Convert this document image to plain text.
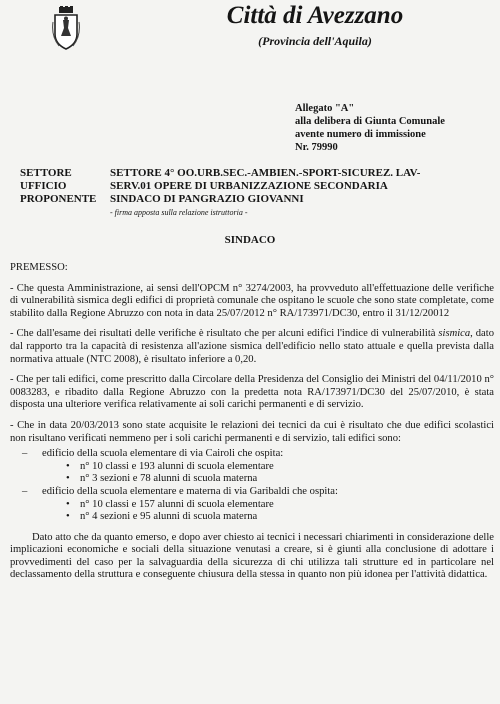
Città di Avezzano
(Provincia dell'Aquila)
Allegato "A"
alla delibera di Giunta Comunale
avente numero di immissione
Nr. 79990
SETTORE	SETTORE 4° OO.URB.SEC.-AMBIEN.-SPORT-SICUREZ. LAV-
UFFICIO	SERV.01 OPERE DI URBANIZZAZIONE SECONDARIA
PROPONENTE	SINDACO DI PANGRAZIO GIOVANNI
- firma apposta sulla relazione istruttoria -
SINDACO

PREMESSO:

- Che questa Amministrazione, ai sensi dell'OPCM n° 3274/2003, ha provveduto all'effettuazione delle verifiche di vulnerabilità sismica degli edifici di proprietà comunale che ospitano le scuole che sono state completate, come stabilito dalla Regione Abruzzo con nota in data 25/07/2012 n° RA/173971/DC30, entro il 31/12/20012

- Che dall'esame dei risultati delle verifiche è risultato che per alcuni edifici l'indice di vulnerabilità sismica, dato dal rapporto tra la capacità di resistenza all'azione sismica dell'edificio nello stato attuale e quella prevista dalla normativa attuale (NTC 2008), è risultato inferiore a 0,20.

- Che per tali edifici, come prescritto dalla Circolare della Presidenza del Consiglio dei Ministri del 04/11/2010 n° 0083283, e ribadito dalla Regione Abruzzo con la predetta nota RA/173971/DC30 del 25/07/2010, è stata disposta una ulteriore verifica relativamente ai soli carichi permanenti e di servizio.

- Che in data 20/03/2013 sono state acquisite le relazioni dei tecnici da cui è risultato che due edifici scolastici non risultano verificati nemmeno per i soli carichi permanenti e di servizio, tali edifici sono:

– edificio della scuola elementare di via Cairoli che ospita:
• n° 10 classi e 193 alunni di scuola elementare
• n° 3 sezioni e 78 alunni di scuola materna
– edificio della scuola elementare e materna di via Garibaldi che ospita:
• n° 10 classi e 157 alunni di scuola elementare
• n° 4 sezioni e 95 alunni di scuola materna

Dato atto che da quanto emerso, e dopo aver chiesto ai tecnici i necessari chiarimenti in considerazione delle implicazioni economiche e sociali della situazione venutasi a creare, si è giunti alla conclusione di adottare i provvedimenti del caso per la salvaguardia della sicurezza di chi utilizza tali strutture ed in particolare nel declassamento della struttura e conseguente chiusura della stessa in quanto non più idonea per l'attività didattica.
